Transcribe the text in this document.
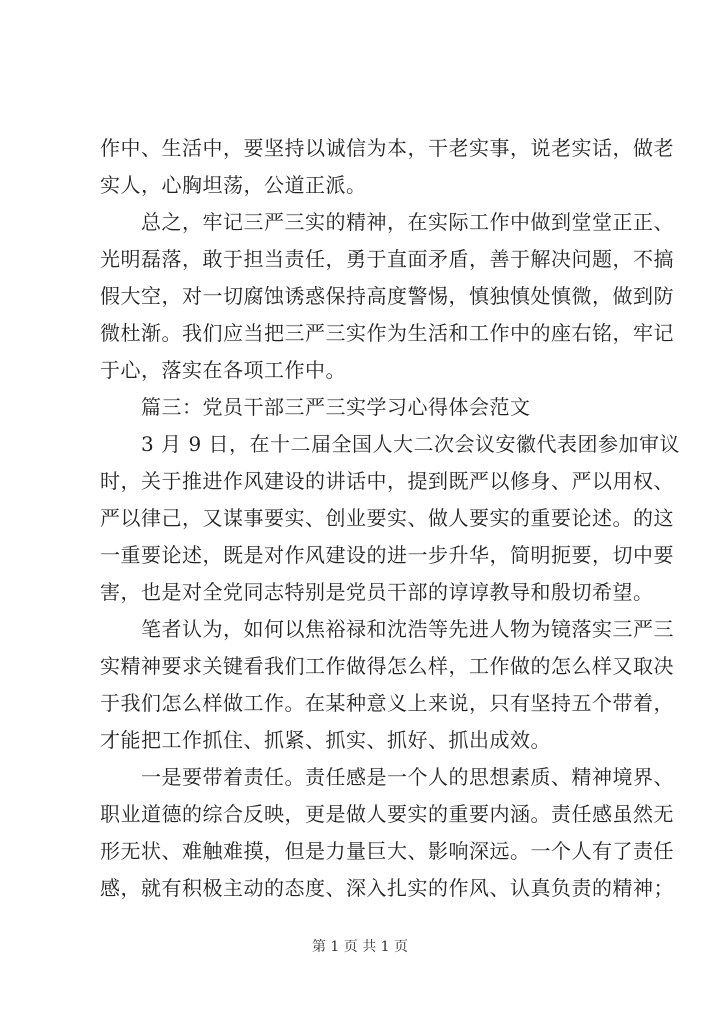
作中、生活中，要坚持以诚信为本，干老实事，说老实话，做老
实人，心胸坦荡，公道正派。
　　总之，牢记三严三实的精神，在实际工作中做到堂堂正正、
光明磊落，敢于担当责任，勇于直面矛盾，善于解决问题，不搞
假大空，对一切腐蚀诱惑保持高度警惕，慎独慎处慎微，做到防
微杜渐。我们应当把三严三实作为生活和工作中的座右铭，牢记
于心，落实在各项工作中。
　　篇三：党员干部三严三实学习心得体会范文
　　3 月 9 日，在十二届全国人大二次会议安徽代表团参加审议
时，关于推进作风建设的讲话中，提到既严以修身、严以用权、
严以律己，又谋事要实、创业要实、做人要实的重要论述。的这
一重要论述，既是对作风建设的进一步升华，简明扼要，切中要
害，也是对全党同志特别是党员干部的谆谆教导和殷切希望。
　　笔者认为，如何以焦裕禄和沈浩等先进人物为镜落实三严三
实精神要求关键看我们工作做得怎么样，工作做的怎么样又取决
于我们怎么样做工作。在某种意义上来说，只有坚持五个带着，
才能把工作抓住、抓紧、抓实、抓好、抓出成效。
　　一是要带着责任。责任感是一个人的思想素质、精神境界、
职业道德的综合反映，更是做人要实的重要内涵。责任感虽然无
形无状、难触难摸，但是力量巨大、影响深远。一个人有了责任
感，就有积极主动的态度、深入扎实的作风、认真负责的精神；
第 1 页 共 1 页
